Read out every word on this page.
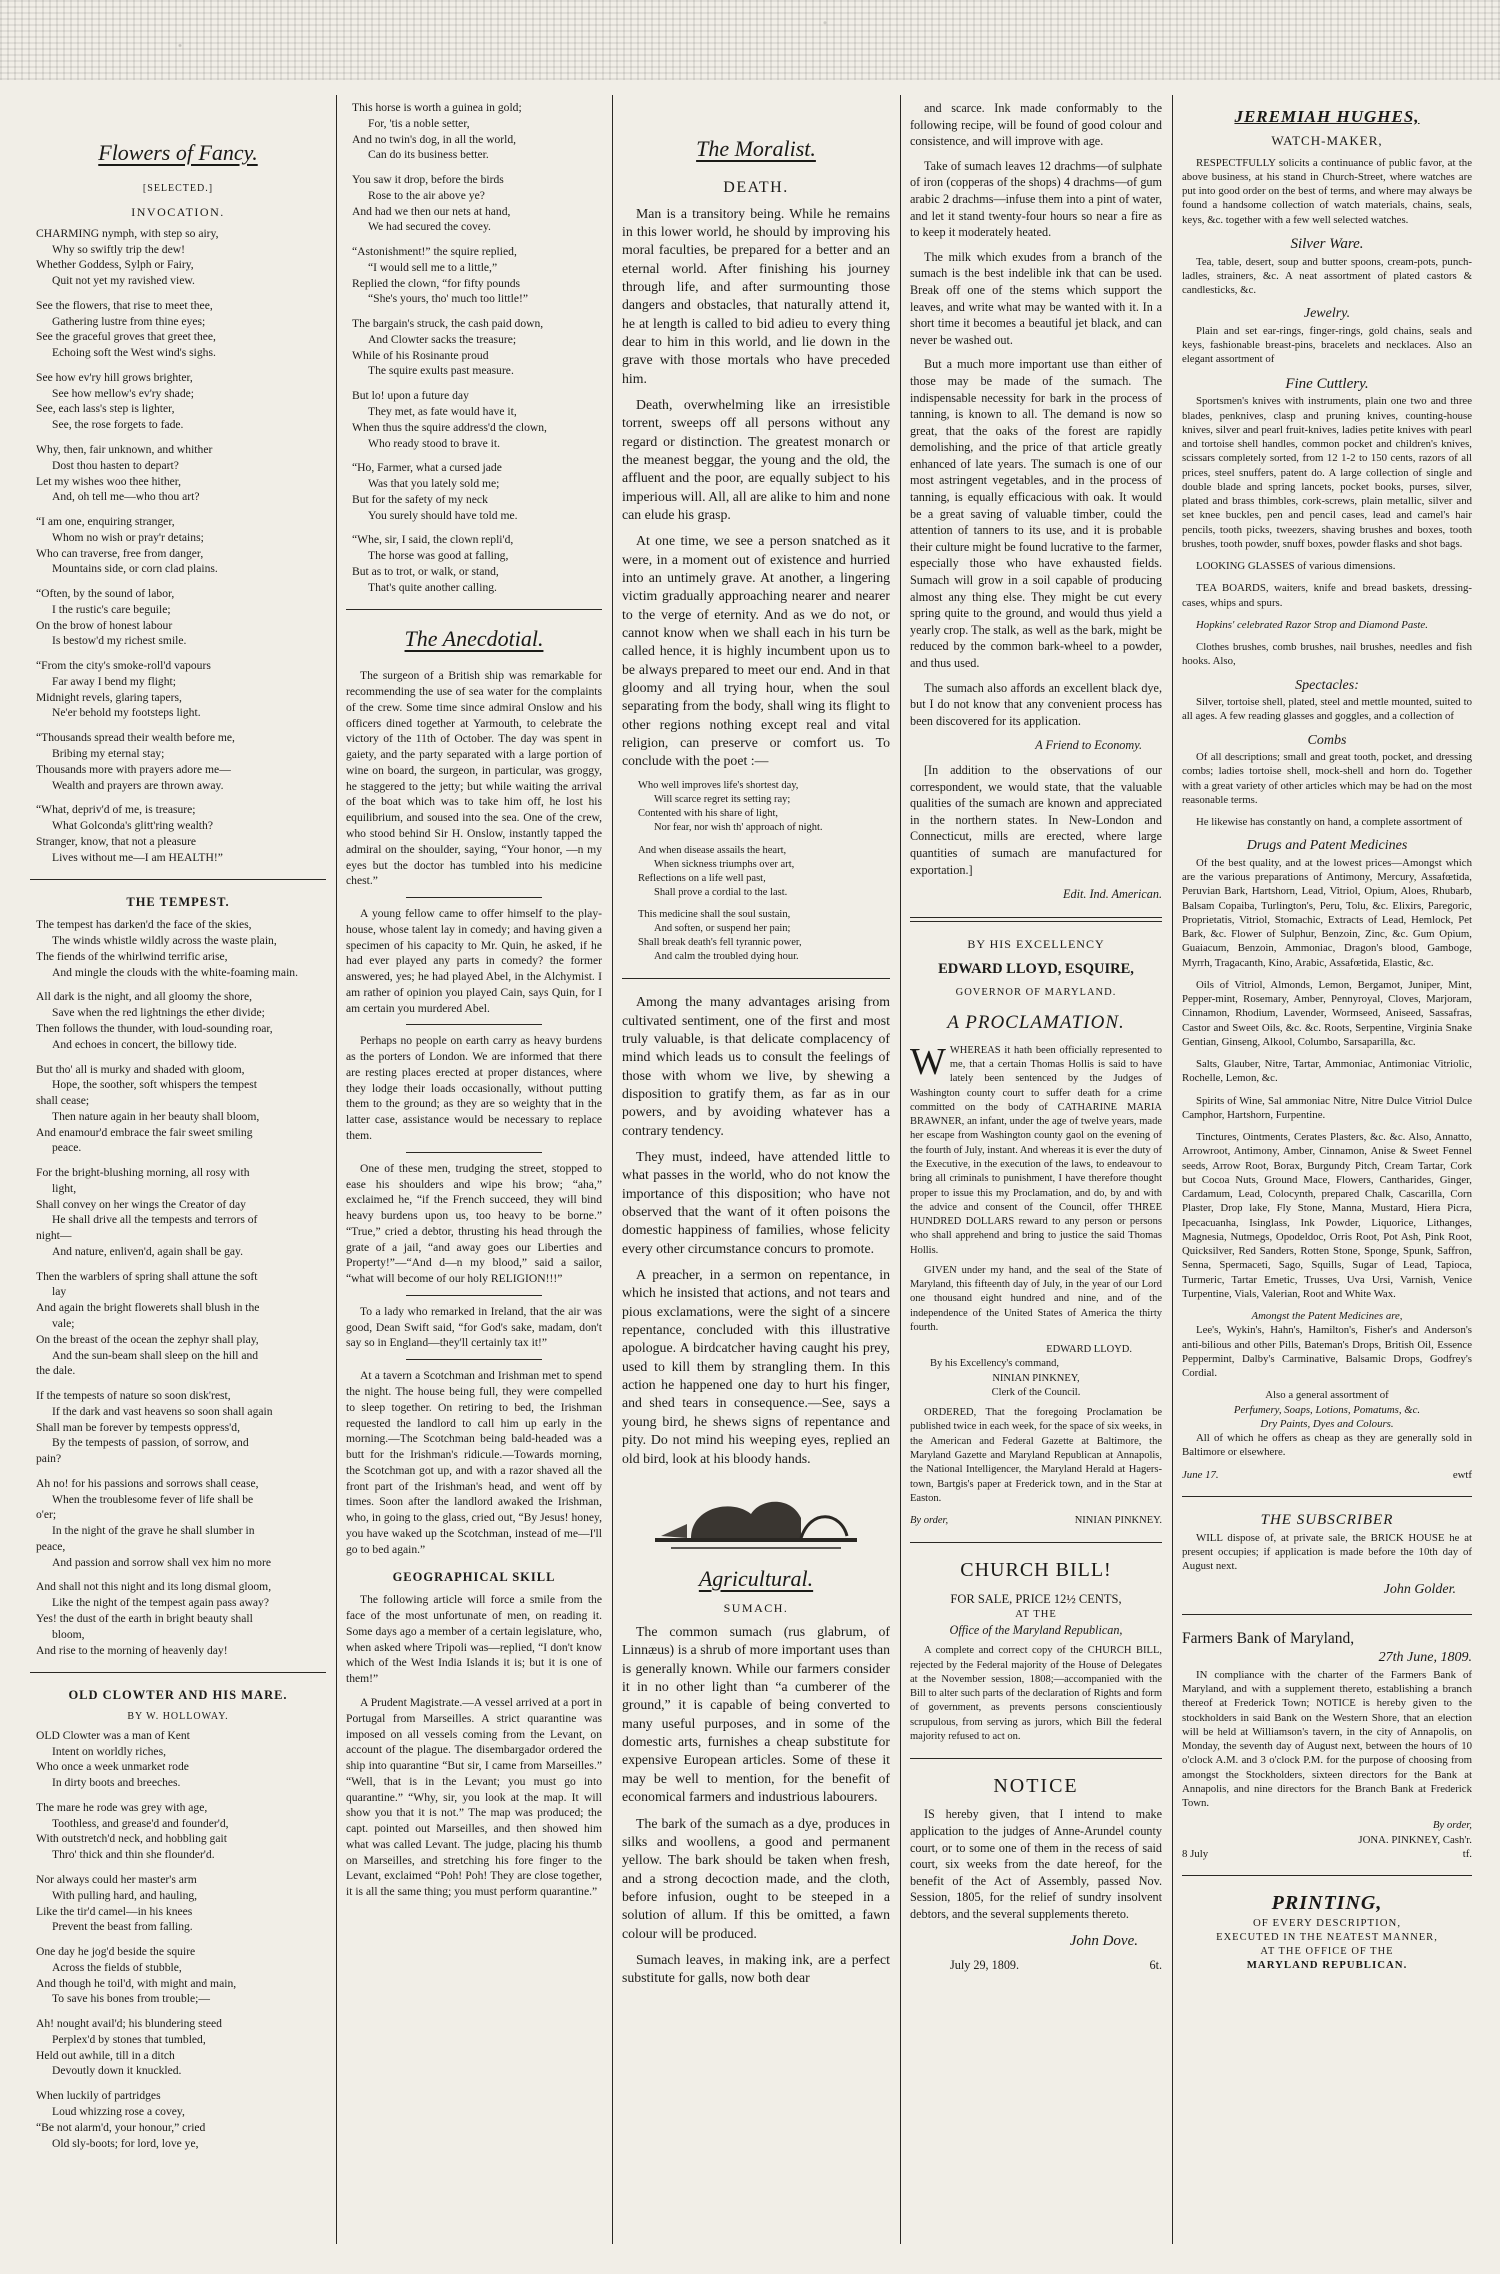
Flowers of Fancy.
[SELECTED.]
INVOCATION.
CHARMING nymph, with step so airy,
Why so swiftly trip the dew!
Whether Goddess, Sylph or Fairy,
Quit not yet my ravished view.
See the flowers, that rise to meet thee,
Gathering lustre from thine eyes;
See the graceful groves that greet thee,
Echoing soft the West wind's sighs.
See how ev'ry hill grows brighter,
See how mellow's ev'ry shade;
See, each lass's step is lighter,
See, the rose forgets to fade.
Why, then, fair unknown, and whither
Dost thou hasten to depart?
Let my wishes woo thee hither,
And, oh tell me—who thou art?
“I am one, enquiring stranger,
Whom no wish or pray'r detains;
Who can traverse, free from danger,
Mountains side, or corn clad plains.
“Often, by the sound of labor,
I the rustic's care beguile;
On the brow of honest labour
Is bestow'd my richest smile.
“From the city's smoke-roll'd vapours
Far away I bend my flight;
Midnight revels, glaring tapers,
Ne'er behold my footsteps light.
“Thousands spread their wealth before me,
Bribing my eternal stay;
Thousands more with prayers adore me—
Wealth and prayers are thrown away.
“What, depriv'd of me, is treasure;
What Golconda's glitt'ring wealth?
Stranger, know, that not a pleasure
Lives without me—I am HEALTH!”
THE TEMPEST.
The tempest has darken'd the face of the skies,
The winds whistle wildly across the waste plain,
The fiends of the whirlwind terrific arise,
And mingle the clouds with the white-foaming main.
All dark is the night, and all gloomy the shore,
Save when the red lightnings the ether divide;
Then follows the thunder, with loud-sounding roar,
And echoes in concert, the billowy tide.
But tho' all is murky and shaded with gloom,
Hope, the soother, soft whispers the tempest
shall cease;
Then nature again in her beauty shall bloom,
And enamour'd embrace the fair sweet smiling
peace.
For the bright-blushing morning, all rosy with
light,
Shall convey on her wings the Creator of day
He shall drive all the tempests and terrors of
night—
And nature, enliven'd, again shall be gay.
Then the warblers of spring shall attune the soft
lay
And again the bright flowerets shall blush in the
vale;
On the breast of the ocean the zephyr shall play,
And the sun-beam shall sleep on the hill and
the dale.
If the tempests of nature so soon disk'rest,
If the dark and vast heavens so soon shall again
Shall man be forever by tempests oppress'd,
By the tempests of passion, of sorrow, and
pain?
Ah no! for his passions and sorrows shall cease,
When the troublesome fever of life shall be
o'er;
In the night of the grave he shall slumber in
peace,
And passion and sorrow shall vex him no more
And shall not this night and its long dismal gloom,
Like the night of the tempest again pass away?
Yes! the dust of the earth in bright beauty shall
bloom,
And rise to the morning of heavenly day!
OLD CLOWTER AND HIS MARE.
BY W. HOLLOWAY.
OLD Clowter was a man of Kent
Intent on worldly riches,
Who once a week unmarket rode
In dirty boots and breeches.
The mare he rode was grey with age,
Toothless, and grease'd and founder'd,
With outstretch'd neck, and hobbling gait
Thro' thick and thin she flounder'd.
Nor always could her master's arm
With pulling hard, and hauling,
Like the tir'd camel—in his knees
Prevent the beast from falling.
One day he jog'd beside the squire
Across the fields of stubble,
And though he toil'd, with might and main,
To save his bones from trouble;—
Ah! nought avail'd; his blundering steed
Perplex'd by stones that tumbled,
Held out awhile, till in a ditch
Devoutly down it knuckled.
When luckily of partridges
Loud whizzing rose a covey,
“Be not alarm'd, your honour,” cried
Old sly-boots; for lord, love ye,
This horse is worth a guinea in gold;
For, 'tis a noble setter,
And no twin's dog, in all the world,
Can do its business better.
You saw it drop, before the birds
Rose to the air above ye?
And had we then our nets at hand,
We had secured the covey.
“Astonishment!” the squire replied,
“I would sell me to a little,”
Replied the clown, “for fifty pounds
“She's yours, tho' much too little!”
The bargain's struck, the cash paid down,
And Clowter sacks the treasure;
While of his Rosinante proud
The squire exults past measure.
But lo! upon a future day
They met, as fate would have it,
When thus the squire address'd the clown,
Who ready stood to brave it.
“Ho, Farmer, what a cursed jade
Was that you lately sold me;
But for the safety of my neck
You surely should have told me.
“Whe, sir, I said, the clown repli'd,
The horse was good at falling,
But as to trot, or walk, or stand,
That's quite another calling.
The Anecdotial.

The surgeon of a British ship was remarkable for recommending the use of sea water for the complaints of the crew. Some time since admiral Onslow and his officers dined together at Yarmouth, to celebrate the victory of the 11th of October. The day was spent in gaiety, and the party separated with a large portion of wine on board, the surgeon, in particular, was groggy, he staggered to the jetty; but while waiting the arrival of the boat which was to take him off, he lost his equilibrium, and soused into the sea. One of the crew, who stood behind Sir H. Onslow, instantly tapped the admiral on the shoulder, saying, “Your honor, —n my eyes but the doctor has tumbled into his medicine chest.”

A young fellow came to offer himself to the play-house, whose talent lay in comedy; and having given a specimen of his capacity to Mr. Quin, he asked, if he had ever played any parts in comedy? the former answered, yes; he had played Abel, in the Alchymist. I am rather of opinion you played Cain, says Quin, for I am certain you murdered Abel.

Perhaps no people on earth carry as heavy burdens as the porters of London. We are informed that there are resting places erected at proper distances, where they lodge their loads occasionally, without putting them to the ground; as they are so weighty that in the latter case, assistance would be necessary to replace them.

One of these men, trudging the street, stopped to ease his shoulders and wipe his brow; “aha,” exclaimed he, “if the French succeed, they will bind heavy burdens upon us, too heavy to be borne.” “True,” cried a debtor, thrusting his head through the grate of a jail, “and away goes our Liberties and Property!”—“And d—n my blood,” said a sailor, “what will become of our holy RELIGION!!!”

To a lady who remarked in Ireland, that the air was good, Dean Swift said, “for God's sake, madam, don't say so in England—they'll certainly tax it!”

At a tavern a Scotchman and Irishman met to spend the night. The house being full, they were compelled to sleep together. On retiring to bed, the Irishman requested the landlord to call him up early in the morning.—The Scotchman being bald-headed was a butt for the Irishman's ridicule.—Towards morning, the Scotchman got up, and with a razor shaved all the front part of the Irishman's head, and went off by times. Soon after the landlord awaked the Irishman, who, in going to the glass, cried out, “By Jesus! honey, you have waked up the Scotchman, instead of me—I'll go to bed again.”

GEOGRAPHICAL SKILL

The following article will force a smile from the face of the most unfortunate of men, on reading it. Some days ago a member of a certain legislature, who, when asked where Tripoli was—replied, “I don't know which of the West India Islands it is; but it is one of them!”

A Prudent Magistrate.—A vessel arrived at a port in Portugal from Marseilles. A strict quarantine was imposed on all vessels coming from the Levant, on account of the plague. The disembargador ordered the ship into quarantine “But sir, I came from Marseilles.” “Well, that is in the Levant; you must go into quarantine.” “Why, sir, you look at the map. It will show you that it is not.” The map was produced; the capt. pointed out Marseilles, and then showed him what was called Levant. The judge, placing his thumb on Marseilles, and stretching his fore finger to the Levant, exclaimed “Poh! Poh! They are close together, it is all the same thing; you must perform quarantine.”

The Moralist.
DEATH.

Man is a transitory being. While he remains in this lower world, he should by improving his moral faculties, be prepared for a better and an eternal world. After finishing his journey through life, and after surmounting those dangers and obstacles, that naturally attend it, he at length is called to bid adieu to every thing dear to him in this world, and lie down in the grave with those mortals who have preceded him.

Death, overwhelming like an irresistible torrent, sweeps off all persons without any regard or distinction. The greatest monarch or the meanest beggar, the young and the old, the affluent and the poor, are equally subject to his imperious will. All, all are alike to him and none can elude his grasp.

At one time, we see a person snatched as it were, in a moment out of existence and hurried into an untimely grave. At another, a lingering victim gradually approaching nearer and nearer to the verge of eternity. And as we do not, or cannot know when we shall each in his turn be called hence, it is highly incumbent upon us to be always prepared to meet our end. And in that gloomy and all trying hour, when the soul separating from the body, shall wing its flight to other regions nothing except real and vital religion, can preserve or comfort us. To conclude with the poet :—

Who well improves life's shortest day,
Will scarce regret its setting ray;
Contented with his share of light,
Nor fear, nor wish th' approach of night.
And when disease assails the heart,
When sickness triumphs over art,
Reflections on a life well past,
Shall prove a cordial to the last.
This medicine shall the soul sustain,
And soften, or suspend her pain;
Shall break death's fell tyrannic power,
And calm the troubled dying hour.

Among the many advantages arising from cultivated sentiment, one of the first and most truly valuable, is that delicate complacency of mind which leads us to consult the feelings of those with whom we live, by shewing a disposition to gratify them, as far as in our powers, and by avoiding whatever has a contrary tendency.

They must, indeed, have attended little to what passes in the world, who do not know the importance of this disposition; who have not observed that the want of it often poisons the domestic happiness of families, whose felicity every other circumstance concurs to promote.

A preacher, in a sermon on repentance, in which he insisted that actions, and not tears and pious exclamations, were the sight of a sincere repentance, concluded with this illustrative apologue. A birdcatcher having caught his prey, used to kill them by strangling them. In this action he happened one day to hurt his finger, and shed tears in consequence.—See, says a young bird, he shews signs of repentance and pity. Do not mind his weeping eyes, replied an old bird, look at his bloody hands.

Agricultural.
SUMACH.

The common sumach (rus glabrum, of Linnæus) is a shrub of more important uses than is generally known. While our farmers consider it in no other light than “a cumberer of the ground,” it is capable of being converted to many useful purposes, and in some of the domestic arts, furnishes a cheap substitute for expensive European articles. Some of these it may be well to mention, for the benefit of economical farmers and industrious labourers.

The bark of the sumach as a dye, produces in silks and woollens, a good and permanent yellow. The bark should be taken when fresh, and a strong decoction made, and the cloth, before infusion, ought to be steeped in a solution of allum. If this be omitted, a fawn colour will be produced.

Sumach leaves, in making ink, are a perfect substitute for galls, now both dear

and scarce. Ink made conformably to the following recipe, will be found of good colour and consistence, and will improve with age.

Take of sumach leaves 12 drachms—of sulphate of iron (copperas of the shops) 4 drachms—of gum arabic 2 drachms—infuse them into a pint of water, and let it stand twenty-four hours so near a fire as to keep it moderately heated.

The milk which exudes from a branch of the sumach is the best indelible ink that can be used. Break off one of the stems which support the leaves, and write what may be wanted with it. In a short time it becomes a beautiful jet black, and can never be washed out.

But a much more important use than either of those may be made of the sumach. The indispensable necessity for bark in the process of tanning, is known to all. The demand is now so great, that the oaks of the forest are rapidly demolishing, and the price of that article greatly enhanced of late years. The sumach is one of our most astringent vegetables, and in the process of tanning, is equally efficacious with oak. It would be a great saving of valuable timber, could the attention of tanners to its use, and it is probable their culture might be found lucrative to the farmer, especially those who have exhausted fields. Sumach will grow in a soil capable of producing almost any thing else. They might be cut every spring quite to the ground, and would thus yield a yearly crop. The stalk, as well as the bark, might be reduced by the common bark-wheel to a powder, and thus used.

The sumach also affords an excellent black dye, but I do not know that any convenient process has been discovered for its application.

A Friend to Economy.

[In addition to the observations of our correspondent, we would state, that the valuable qualities of the sumach are known and appreciated in the northern states. In New-London and Connecticut, mills are erected, where large quantities of sumach are manufactured for exportation.]

Edit. Ind. American.
BY HIS EXCELLENCY
EDWARD LLOYD, ESQUIRE,
GOVERNOR OF MARYLAND.
A PROCLAMATION.
WWHEREAS it hath been officially represented to me, that a certain Thomas Hollis is said to have lately been sentenced by the Judges of Washington county court to suffer death for a crime committed on the body of CATHARINE MARIA BRAWNER, an infant, under the age of twelve years, made her escape from Washington county gaol on the evening of the fourth of July, instant. And whereas it is ever the duty of the Executive, in the execution of the laws, to endeavour to bring all criminals to punishment, I have therefore thought proper to issue this my Proclamation, and do, by and with the advice and consent of the Council, offer THREE HUNDRED DOLLARS reward to any person or persons who shall apprehend and bring to justice the said Thomas Hollis.

GIVEN under my hand, and the seal of the State of Maryland, this fifteenth day of July, in the year of our Lord one thousand eight hundred and nine, and of the independence of the United States of America the thirty fourth.

EDWARD LLOYD.
By his Excellency's command,
NINIAN PINKNEY,
Clerk of the Council.

ORDERED, That the foregoing Proclamation be published twice in each week, for the space of six weeks, in the American and Federal Gazette at Baltimore, the Maryland Gazette and Maryland Republican at Annapolis, the National Intelligencer, the Maryland Herald at Hagers-town, Bartgis's paper at Frederick town, and in the Star at Easton.

By order,	NINIAN PINKNEY.
CHURCH BILL!
FOR SALE, PRICE 12½ CENTS,
AT THE
Office of the Maryland Republican,

A complete and correct copy of the CHURCH BILL, rejected by the Federal majority of the House of Delegates at the November session, 1808;—accompanied with the Bill to alter such parts of the declaration of Rights and form of government, as prevents persons conscientiously scrupulous, from serving as jurors, which Bill the federal majority refused to act on.

NOTICE

IS hereby given, that I intend to make application to the judges of Anne-Arundel county court, or to some one of them in the recess of said court, six weeks from the date hereof, for the benefit of the Act of Assembly, passed Nov. Session, 1805, for the relief of sundry insolvent debtors, and the several supplements thereto.

John Dove.
July 29, 1809.	6t.
JEREMIAH HUGHES,
WATCH-MAKER,

RESPECTFULLY solicits a continuance of public favor, at the above business, at his stand in Church-Street, where watches are put into good order on the best of terms, and where may always be found a handsome collection of watch materials, chains, seals, keys, &c. together with a few well selected watches.

Silver Ware.

Tea, table, desert, soup and butter spoons, cream-pots, punch-ladles, strainers, &c. A neat assortment of plated castors & candlesticks, &c.

Jewelry.

Plain and set ear-rings, finger-rings, gold chains, seals and keys, fashionable breast-pins, bracelets and necklaces. Also an elegant assortment of

Fine Cuttlery.

Sportsmen's knives with instruments, plain one two and three blades, penknives, clasp and pruning knives, counting-house knives, silver and pearl fruit-knives, ladies petite knives with pearl and tortoise shell handles, common pocket and children's knives, scissars completely sorted, from 12 1-2 to 150 cents, razors of all prices, steel snuffers, patent do. A large collection of single and double blade and spring lancets, pocket books, purses, silver, plated and brass thimbles, cork-screws, plain metallic, silver and set knee buckles, pen and pencil cases, lead and camel's hair pencils, tooth picks, tweezers, shaving brushes and boxes, tooth brushes, tooth powder, snuff boxes, powder flasks and shot bags.

LOOKING GLASSES of various dimensions.

TEA BOARDS, waiters, knife and bread baskets, dressing-cases, whips and spurs.

Hopkins' celebrated Razor Strop and Diamond Paste.

Clothes brushes, comb brushes, nail brushes, needles and fish hooks. Also,

Spectacles:

Silver, tortoise shell, plated, steel and mettle mounted, suited to all ages. A few reading glasses and goggles, and a collection of

Combs

Of all descriptions; small and great tooth, pocket, and dressing combs; ladies tortoise shell, mock-shell and horn do. Together with a great variety of other articles which may be had on the most reasonable terms.

He likewise has constantly on hand, a complete assortment of

Drugs and Patent Medicines

Of the best quality, and at the lowest prices—Amongst which are the various preparations of Antimony, Mercury, Assafœtida, Peruvian Bark, Hartshorn, Lead, Vitriol, Opium, Aloes, Rhubarb, Balsam Copaiba, Turlington's, Peru, Tolu, &c. Elixirs, Paregoric, Proprietatis, Vitriol, Stomachic, Extracts of Lead, Hemlock, Pet Bark, &c. Flower of Sulphur, Benzoin, Zinc, &c. Gum Opium, Guaiacum, Benzoin, Ammoniac, Dragon's blood, Gamboge, Myrrh, Tragacanth, Kino, Arabic, Assafœtida, Elastic, &c.

Oils of Vitriol, Almonds, Lemon, Bergamot, Juniper, Mint, Pepper-mint, Rosemary, Amber, Pennyroyal, Cloves, Marjoram, Cinnamon, Rhodium, Lavender, Wormseed, Aniseed, Sassafras, Castor and Sweet Oils, &c. &c. Roots, Serpentine, Virginia Snake Gentian, Ginseng, Alkool, Columbo, Sarsaparilla, &c.

Salts, Glauber, Nitre, Tartar, Ammoniac, Antimoniac Vitriolic, Rochelle, Lemon, &c.

Spirits of Wine, Sal ammoniac Nitre, Nitre Dulce Vitriol Dulce Camphor, Hartshorn, Furpentine.

Tinctures, Ointments, Cerates Plasters, &c. &c. Also, Annatto, Arrowroot, Antimony, Amber, Cinnamon, Anise & Sweet Fennel seeds, Arrow Root, Borax, Burgundy Pitch, Cream Tartar, Cork but Cocoa Nuts, Ground Mace, Flowers, Cantharides, Ginger, Cardamum, Lead, Colocynth, prepared Chalk, Cascarilla, Corn Plaster, Drop lake, Fly Stone, Manna, Mustard, Hiera Picra, Ipecacuanha, Isinglass, Ink Powder, Liquorice, Lithanges, Magnesia, Nutmegs, Opodeldoc, Orris Root, Pot Ash, Pink Root, Quicksilver, Red Sanders, Rotten Stone, Sponge, Spunk, Saffron, Senna, Spermaceti, Sago, Squills, Sugar of Lead, Tapioca, Turmeric, Tartar Emetic, Trusses, Uva Ursi, Varnish, Venice Turpentine, Vials, Valerian, Root and White Wax.

Amongst the Patent Medicines are,

Lee's, Wykin's, Hahn's, Hamilton's, Fisher's and Anderson's anti-bilious and other Pills, Bateman's Drops, British Oil, Essence Peppermint, Dalby's Carminative, Balsamic Drops, Godfrey's Cordial.

Also a general assortment of
Perfumery, Soaps, Lotions, Pomatums, &c.
Dry Paints, Dyes and Colours.

All of which he offers as cheap as they are generally sold in Baltimore or elsewhere.

June 17.	ewtf
THE SUBSCRIBER

WILL dispose of, at private sale, the BRICK HOUSE he at present occupies; if application is made before the 10th day of August next.

John Golder.
Farmers Bank of Maryland,
27th June, 1809.

IN compliance with the charter of the Farmers Bank of Maryland, and with a supplement thereto, establishing a branch thereof at Frederick Town; NOTICE is hereby given to the stockholders in said Bank on the Western Shore, that an election will be held at Williamson's tavern, in the city of Annapolis, on Monday, the seventh day of August next, between the hours of 10 o'clock A.M. and 3 o'clock P.M. for the purpose of choosing from amongst the Stockholders, sixteen directors for the Bank at Annapolis, and nine directors for the Branch Bank at Frederick Town.

By order,
JONA. PINKNEY, Cash'r.
8 July	tf.
PRINTING,
OF EVERY DESCRIPTION,
EXECUTED IN THE NEATEST MANNER,
AT THE OFFICE OF THE
MARYLAND REPUBLICAN.
